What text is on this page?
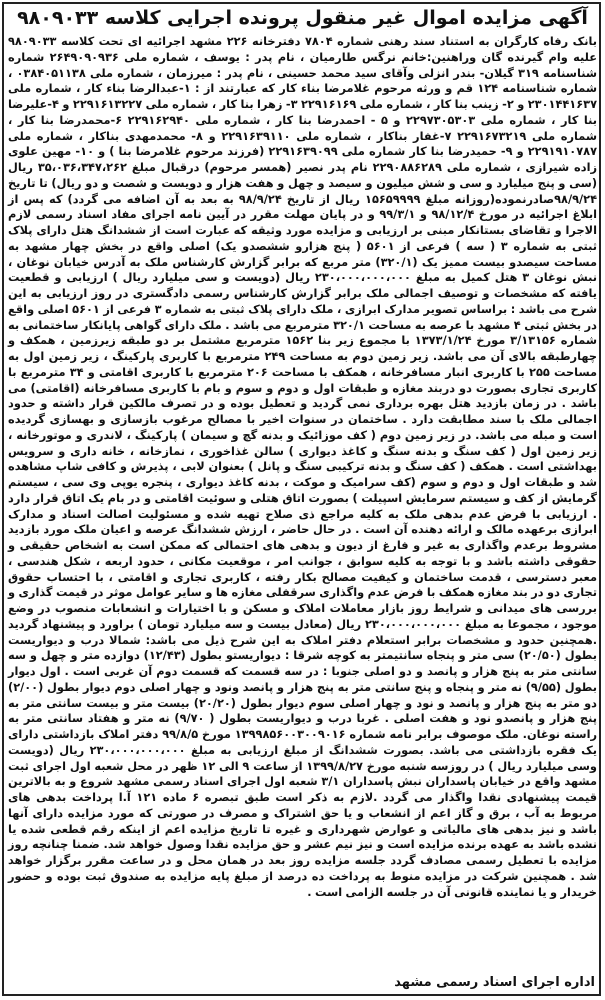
آگهی مزایده اموال غیر منقول پرونده اجرایی کلاسه ۹۸۰۹۰۳۳

بانک رفاه کارگران به استناد سند رهنی شماره ۷۸۰۴ دفترخانه ۲۲۶ مشهد اجرائیه ای تحت کلاسه ۹۸۰۹۰۳۳ علیه وام گیرنده گان وراهنین:خانم نرگس طارمیان ، نام پدر : یوسف ، شماره ملی ۲۶۴۹۰۹۰۹۳۶ شماره شناسنامه ۳۱۹ گیلان- بندر انزلی وآقای سید محمد حسینی ، نام پدر : میرزمان ، شماره ملی ۰۳۸۴۰۵۱۱۳۸ ، شماره شناسنامه ۱۲۴ قم و ورثه مرحوم غلامرضا بناء کار که عبارتند از : ۱-عبدالرضا بناء کار ، شماره ملی ۲۳۰۱۴۴۱۶۳۷ و ۲- زینب بنا کار ، شماره ملی ۲۲۹۱۶۱۶۹ ۳- زهرا بنا کار ، شماره ملی ۲۲۹۱۶۱۳۲۲۷ و ۴-علیرضا بنا کار ، شماره ملی ۲۲۹۷۳۰۵۳۰۳ و ۵ - احمدرضا بنا کار ، شماره ملی ۲۲۹۱۶۲۹۴۰ ۶-محمدرضا بنا کار ، شماره ملی ۲۲۹۱۶۷۳۲۱۹ ۷-غفار بناکار ، شماره ملی ۲۲۹۱۶۳۹۱۱۰ و ۸- محمدمهدی بناکار ، شماره ملی ۲۲۹۱۹۱۰۷۸۷ و ۹- حمیدرضا بنا کار شماره ملی ۲۲۹۱۶۳۹۰۹۹ (فرزند مرحوم غلامرضا بنا ) و ۱۰- مهین علوی زاده شیرازی ، شماره ملی ۲۲۹۰۸۸۶۲۸۹ نام پدر نصیر (همسر مرحوم) درقبال مبلغ ۳۵،۰۳۶،۳۴۷،۲۶۲ ریال (سی و پنج میلیارد و سی و شش میلیون و سیصد و چهل و هفت هزار و دویست و شصت و دو ریال) تا تاریخ ۹۸/۹/۲۴صادرنموده(روزانه مبلغ ۱۵۶۵۹۹۹۹ ریال از تاریخ ۹۸/۹/۲۴ به بعد به آن اضافه می گردد) که پس از ابلاغ اجرائیه در مورخ ۹۸/۱۲/۴ و ۹۹/۳/۱ و در پایان مهلت مقرر در آیین نامه اجرای مفاد اسناد رسمی لازم الاجرا و تقاضای بستانکار مبنی بر ارزیابی و مزایده مورد وثیقه که عبارت است از ششدانگ هتل دارای پلاک ثبتی به شماره ۳ ( سه ) فرعی از ۵۶۰۱ ( پنج هزارو ششصدو یک) اصلی واقع در بخش چهار مشهد به مساحت سیصدو بیست ممیز یک (۳۲۰/۱) متر مربع که برابر گزارش کارشناس ملک به آدرس خیابان نوغان ، نبش نوغان ۳ هتل کمیل به مبلغ ۲۳۰،۰۰۰،۰۰۰،۰۰۰ ریال (دویست و سی میلیارد ریال ) ارزیابی و قطعیت یافته که مشخصات و توصیف اجمالی ملک برابر گزارش کارشناس رسمی دادگستری در روز ارزیابی به این شرح می باشد : براساس تصویر مدارک ابرازی ، ملک دارای پلاک ثبتی به شماره ۳ فرعی از ۵۶۰۱ اصلی واقع در بخش ثبتی ۴ مشهد با عرصه به مساحت ۳۲۰/۱ مترمربع می باشد . ملک دارای گواهی پایانکار ساختمانی به شماره ۳/۱۳۱۵۶ مورخ ۱۳۷۳/۱/۲۴ با مجموع زیر بنا ۱۵۶۲ مترمربع مشتمل بر دو طبقه زیرزمین ، همکف و چهارطبقه بالای آن می باشد. زیر زمین دوم به مساحت ۲۴۹ مترمربع با کاربری پارکینگ ، زیر زمین اول به مساحت ۲۵۵ با کاربری انبار مسافرخانه ، همکف با مساحت ۲۰۶ مترمربع با کاربری اقامتی و ۳۴ مترمربع با کاربری تجاری بصورت دو دربند مغازه و طبقات اول و دوم و سوم و بام با کاربری مسافرخانه (اقامتی) می باشد . در زمان بازدید هتل بهره برداری نمی گردید و تعطیل بوده و در تصرف مالکین قرار داشته و حدود اجمالی ملک با سند مطابقت دارد . ساختمان در سنوات اخیر با مصالح مرغوب بازسازی و بهسازی گردیده است و مبله می باشد. در زیر زمین دوم ( کف موزائیک و بدنه گچ و سیمان ) پارکینگ ، لاندری و موتورخانه ، زیر زمین اول ( کف سنگ و بدنه سنگ و کاغذ دیواری ) سالن غذاخوری ، نمازخانه ، خانه داری و سرویس بهداشتی است . همکف ( کف سنگ و بدنه ترکیبی سنگ و پانل ) بعنوان لابی ، پذیرش و کافی شاپ مشاهده شد و طبقات اول و دوم و سوم (کف سرامیک و موکت ، بدنه کاغذ دیواری ، پنجره یوپی وی سی ، سیستم گرمایش از کف و سیستم سرمایش اسپیلت ) بصورت اتاق هتلی و سوئیت اقامتی و در بام یک اتاق قرار دارد . ارزیابی با فرض عدم بدهی ملک به کلیه مراجع ذی صلاح تهیه شده و مسئولیت اصالت اسناد و مدارک ابرازی برعهده مالک و ارائه دهنده آن است . در حال حاضر ، ارزش ششدانگ عرصه و اعیان ملک مورد بازدید مشروط برعدم واگذاری به غیر و فارغ از دیون و بدهی های احتمالی که ممکن است به اشخاص حقیقی و حقوقی داشته باشد و با توجه به کلیه سوابق ، جوانب امر ، موقعیت مکانی ، حدود اربعه ، شکل هندسی ، معبر دسترسی ، قدمت ساختمان و کیفیت مصالح بکار رفته ، کاربری تجاری و اقامتی ، با احتساب حقوق تجاری دو در بند مغازه همکف با فرض عدم واگذاری سرقفلی مغازه ها و سایر عوامل موثر در قیمت گذاری و بررسی های میدانی و شرایط روز بازار معاملات املاک و مسکن و با اختیارات و انشعابات منصوب در وضع موجود ، مجموعا به مبلغ ۲۳۰،۰۰۰،۰۰۰،۰۰۰ ریال (معادل بیست و سه میلیارد تومان ) براورد و پیشنهاد گردید .همچنین حدود و مشخصات برابر استعلام دفتر املاک به این شرح ذیل می باشد: شمالا درب و دیواریست بطول (۲۰/۵۰) سی متر و پنجاه سانتیمتر به کوچه شرقا : دیواریستو بطول (۱۲/۴۳) دوازده متر و چهل و سه سانتی متر به پنج هزار و پانصد و دو اصلی جنوبا : در سه قسمت که قسمت دوم آن غربی است . اول دیوار بطول (۹/۵۵) نه متر و پنجاه و پنج سانتی متر به پنج هزار و پانصد ونود و چهار اصلی دوم دیوار بطول (۲/۰۰) دو متر به پنج هزار و پانصد و نود و چهار اصلی سوم دیوار بطول (۲۰/۲۰) بیست متر و بیست سانتی متر به پنج هزار و پانصدو نود و هفت اصلی . غربا درب و دیواریست بطول ( ۹/۷۰) نه متر و هفتاد سانتی متر به راسته نوغان. ملک موصوف برابر نامه شماره ۱۳۹۹۸۵۶۰۰۳۰۰۹۰۱۶ مورخ ۹۹/۸/۵ دفتر املاک بازداشتی دارای یک فقره بازداشتی می باشد. بصورت ششدانگ از مبلغ ارزیابی به مبلغ ۲۳۰،۰۰۰،۰۰۰،۰۰۰ ریال (دویست وسی میلیارد ریال ) در روزسه شنبه مورخ ۱۳۹۹/۸/۲۷ از ساعت ۹ الی ۱۲ ظهر در محل شعبه اول اجرای ثبت مشهد واقع در خیابان پاسداران نبش پاسداران ۳/۱ شعبه اول اجرای اسناد رسمی مشهد شروع و به بالاترین قیمت پیشنهادی نقدا واگذار می گردد .لازم به ذکر است طبق تبصره ۶ ماده ۱۲۱ آ.ا پرداخت بدهی های مربوط به آب ، برق و گاز اعم از انشعاب و یا حق اشتراک و مصرف در صورتی که مورد مزایده دارای آنها باشد و نیز بدهی های مالیاتی و عوارض شهرداری و غیره تا تاریخ مزایده اعم از اینکه رقم قطعی شده یا نشده باشد به عهده برنده مزایده است و نیز نیم عشر و حق مزایده نقدا وصول خواهد شد. ضمنا چنانچه روز مزایده با تعطیل رسمی مصادف گردد جلسه مزایده روز بعد در همان محل و در ساعت مقرر برگزار خواهد شد . همچنین شرکت در مزایده منوط به پرداخت ده درصد از مبلغ پایه مزایده به صندوق ثبت بوده و حضور خریدار و یا نماینده قانونی آن در جلسه الزامی است .

اداره اجرای اسناد رسمی مشهد
